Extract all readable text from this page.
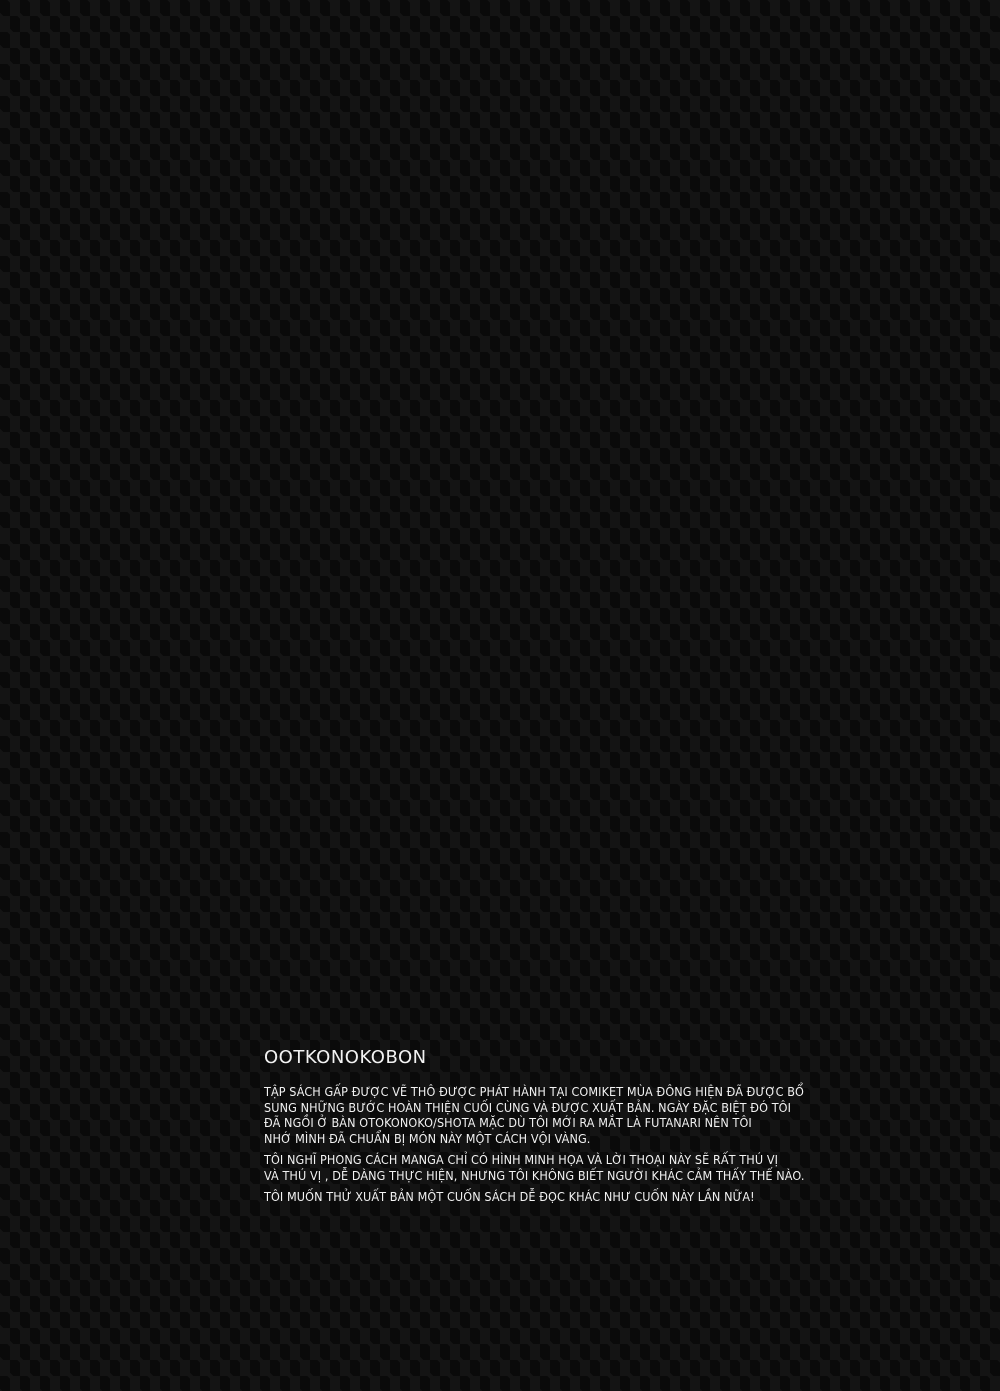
OOTKONOKOBON

TẬP SÁCH GẤP ĐƯỢC VẼ THÔ ĐƯỢC PHÁT HÀNH TẠI COMIKET MÙA ĐÔNG HIỆN ĐÃ ĐƯỢC BỔ
SUNG NHỮNG BƯỚC HOÀN THIỆN CUỐI CÙNG VÀ ĐƯỢC XUẤT BẢN. NGÀY ĐẶC BIỆT ĐÓ TÔI
ĐÃ NGỒI Ở BÀN OTOKONOKO/SHOTA MẶC DÙ TÔI MỚI RA MẮT LÀ FUTANARI NÊN TÔI
NHỚ MÌNH ĐÃ CHUẨN BỊ MÓN NÀY MỘT CÁCH VỘI VÀNG.

TÔI NGHĨ PHONG CÁCH MANGA CHỈ CÓ HÌNH MINH HỌA VÀ LỜI THOẠI NÀY SẼ RẤT THÚ VỊ
VÀ THÚ VỊ , DỄ DÀNG THỰC HIỆN, NHƯNG TÔI KHÔNG BIẾT NGƯỜI KHÁC CẢM THẤY THẾ NÀO.

TÔI MUỐN THỬ XUẤT BẢN MỘT CUỐN SÁCH DỄ ĐỌC KHÁC NHƯ CUỐN NÀY LẦN NỮA!
